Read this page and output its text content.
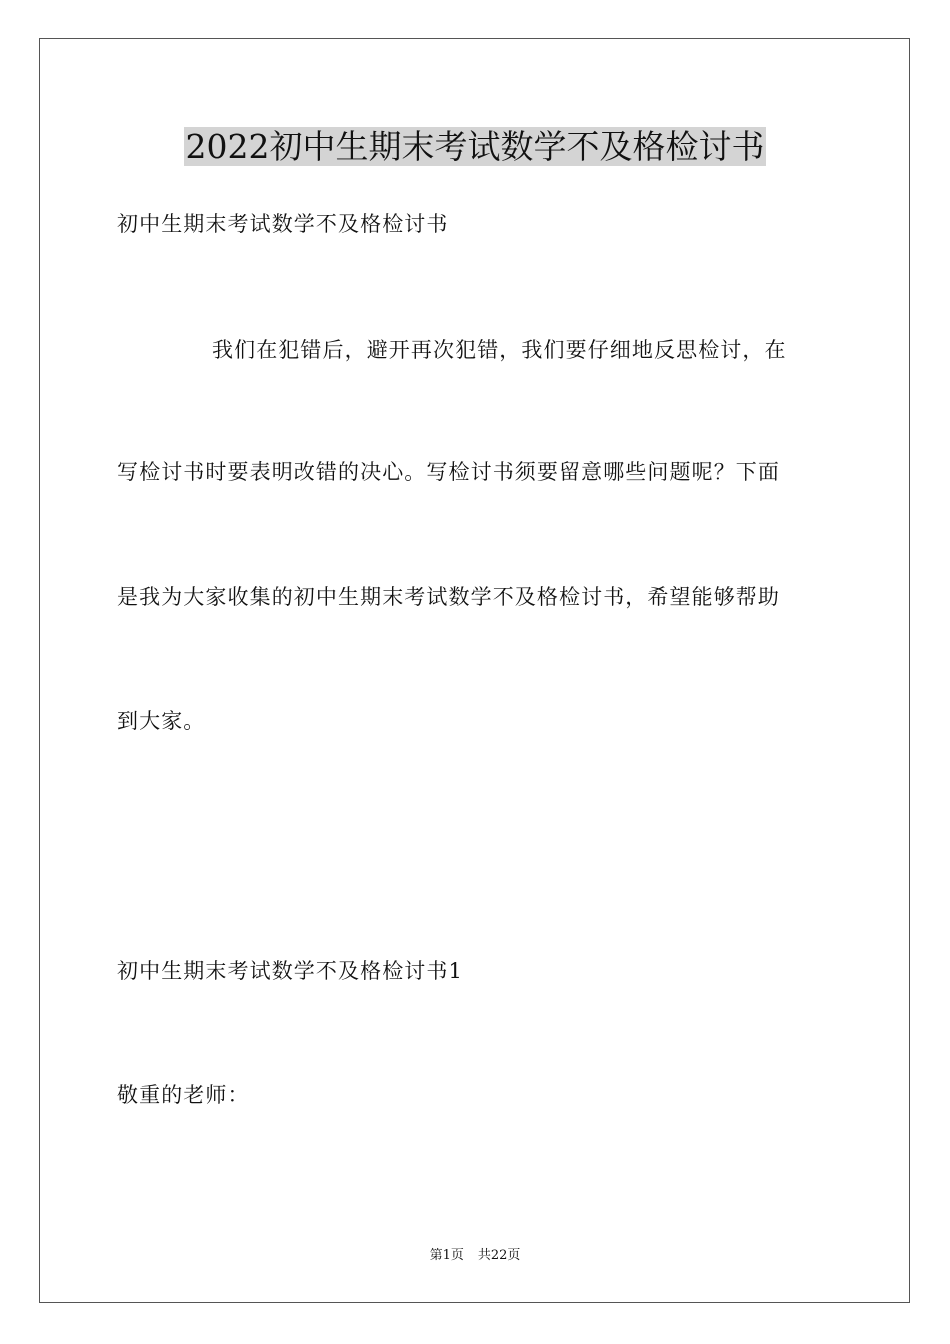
2022初中生期末考试数学不及格检讨书
初中生期末考试数学不及格检讨书
我们在犯错后，避开再次犯错，我们要仔细地反思检讨，在
写检讨书时要表明改错的决心。写检讨书须要留意哪些问题呢？下面
是我为大家收集的初中生期末考试数学不及格检讨书，希望能够帮助
到大家。
初中生期末考试数学不及格检讨书1
敬重的老师：
第1页 共22页
